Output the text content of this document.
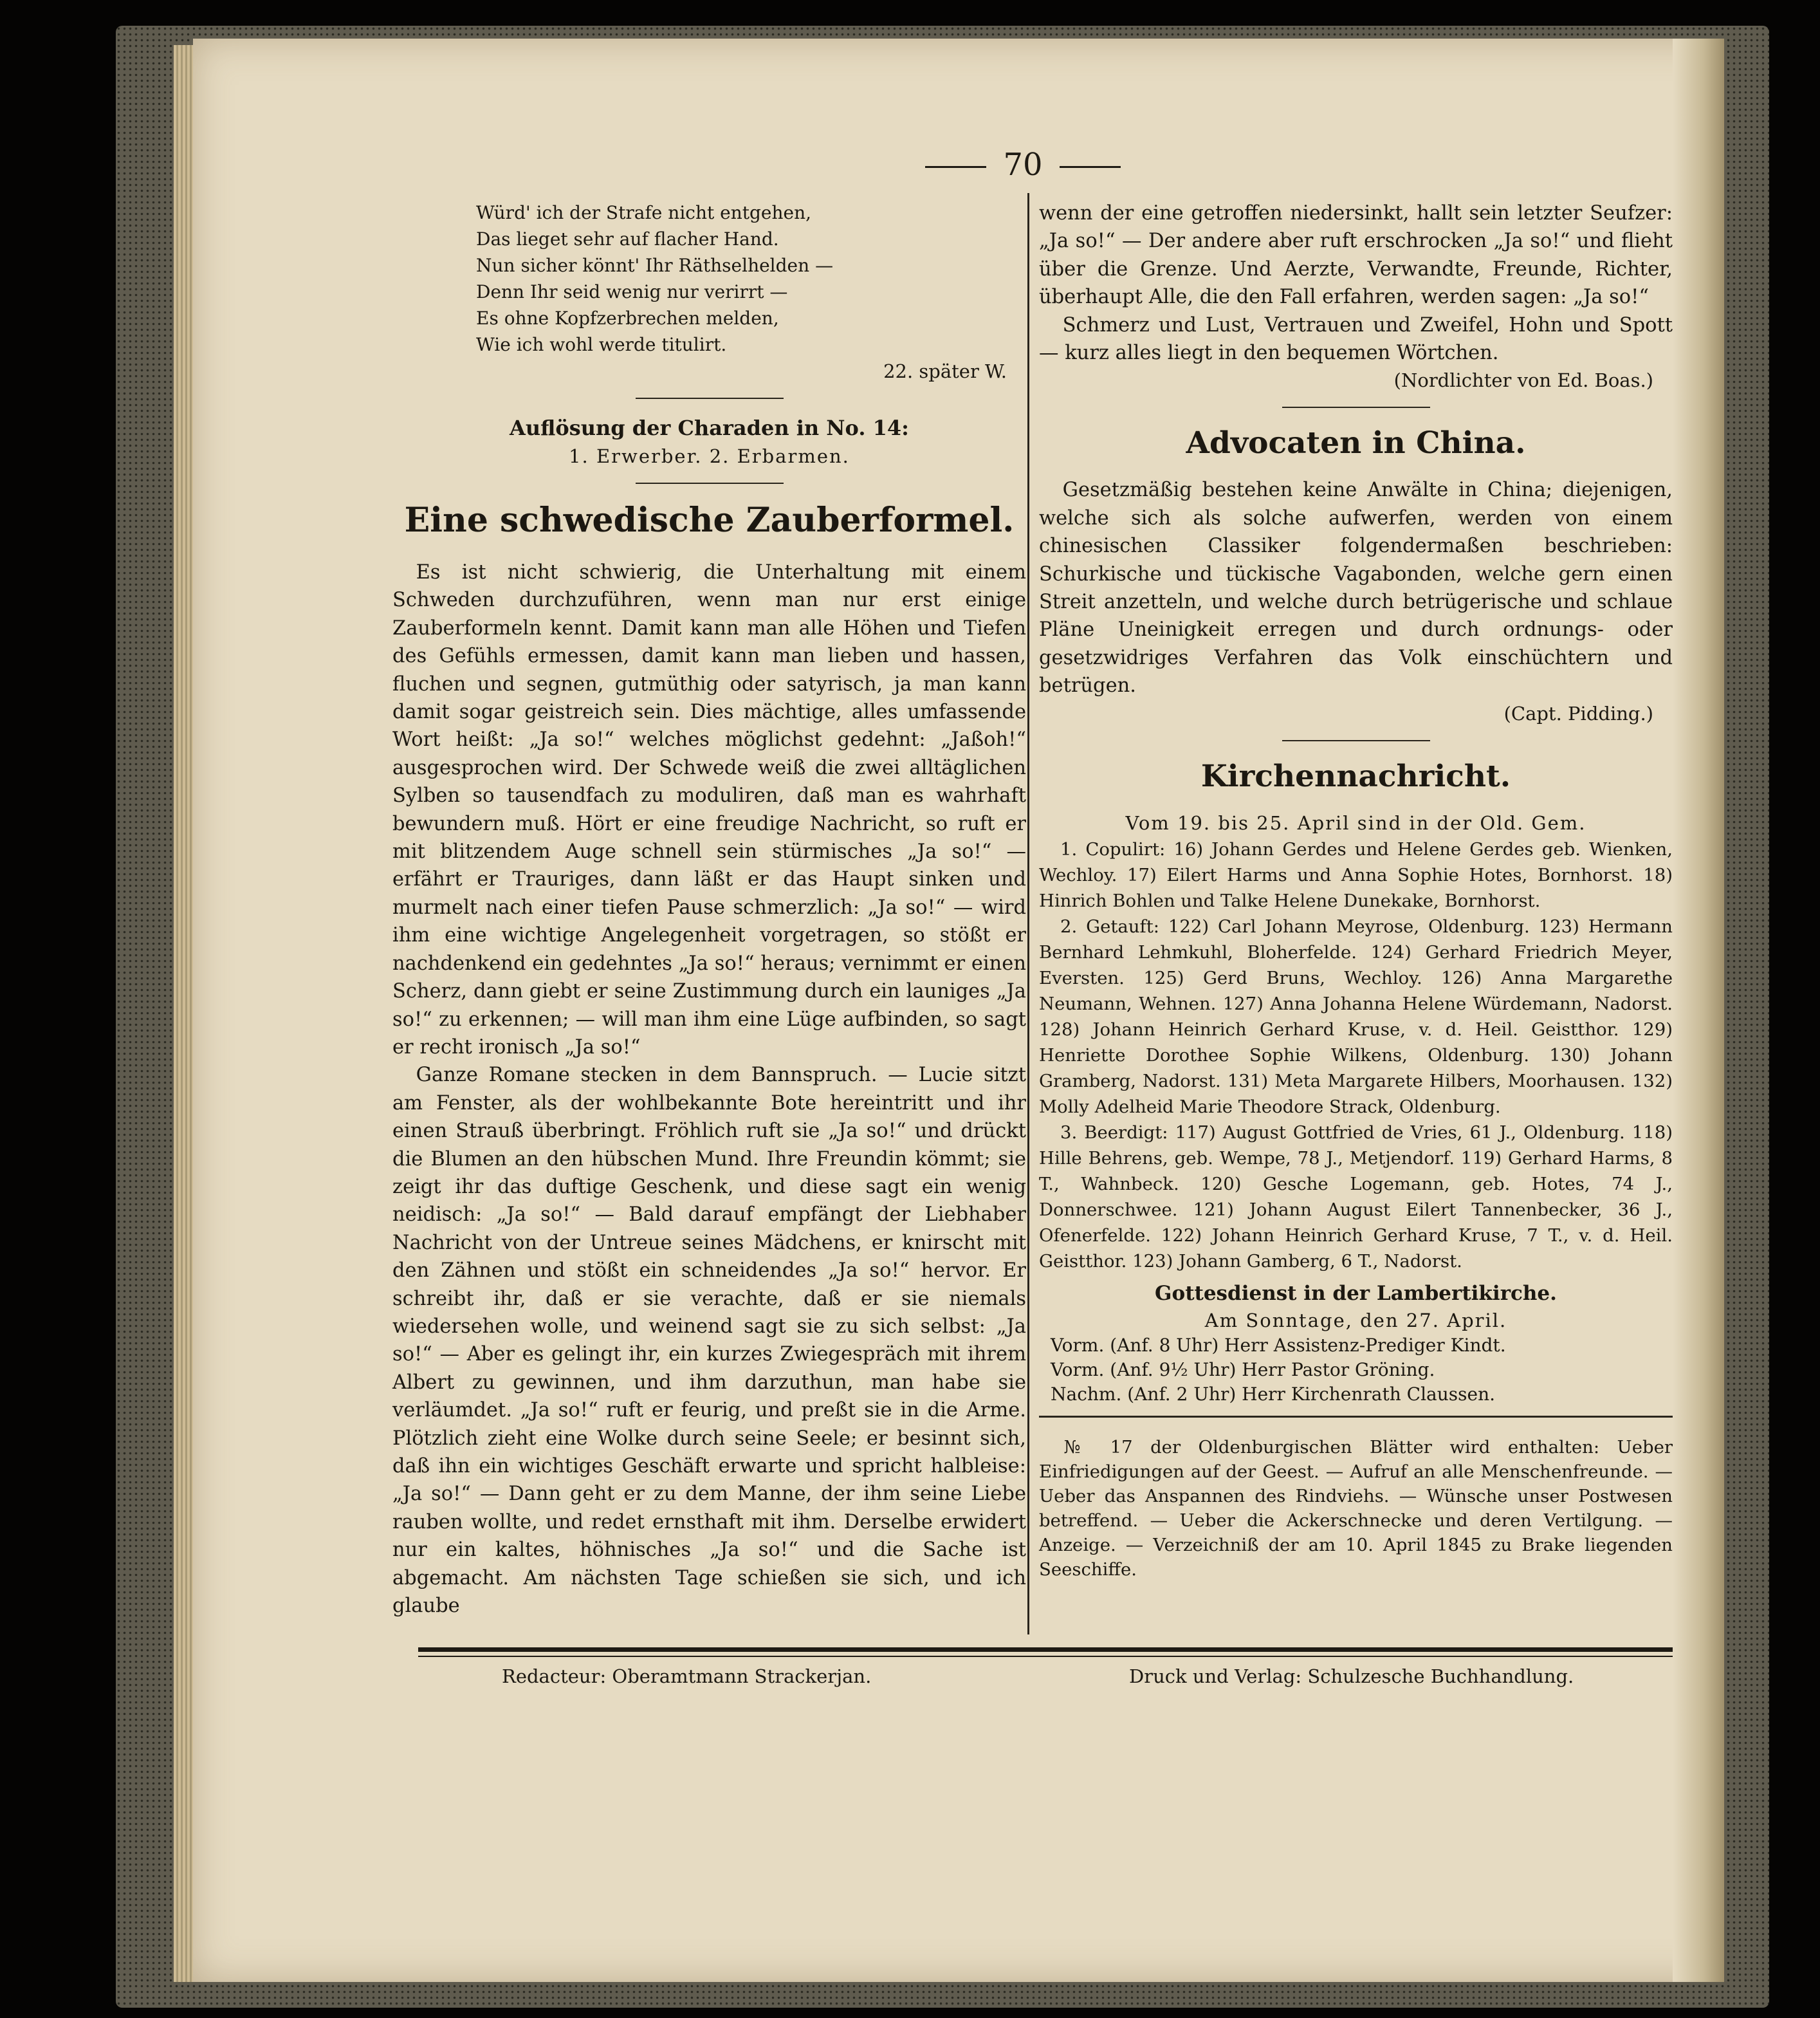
70
Würd' ich der Strafe nicht entgehen,
Das lieget sehr auf flacher Hand.
Nun sicher könnt' Ihr Räthselhelden —
Denn Ihr seid wenig nur verirrt —
Es ohne Kopfzerbrechen melden,
Wie ich wohl werde titulirt.
22. später W.
Auflösung der Charaden in No. 14:
1. Erwerber. 2. Erbarmen.
Eine schwedische Zauberformel.

Es ist nicht schwierig, die Unterhaltung mit einem Schweden durchzuführen, wenn man nur erst einige Zauberformeln kennt. Damit kann man alle Höhen und Tiefen des Gefühls ermessen, damit kann man lieben und hassen, fluchen und segnen, gutmüthig oder satyrisch, ja man kann damit sogar geistreich sein. Dies mächtige, alles umfassende Wort heißt: „Ja so!“ welches möglichst gedehnt: „Jaßoh!“ ausgesprochen wird. Der Schwede weiß die zwei alltäglichen Sylben so tausendfach zu moduliren, daß man es wahrhaft bewundern muß. Hört er eine freudige Nachricht, so ruft er mit blitzendem Auge schnell sein stürmisches „Ja so!“ — erfährt er Trauriges, dann läßt er das Haupt sinken und murmelt nach einer tiefen Pause schmerzlich: „Ja so!“ — wird ihm eine wichtige Angelegenheit vorgetragen, so stößt er nachdenkend ein gedehntes „Ja so!“ heraus; vernimmt er einen Scherz, dann giebt er seine Zustimmung durch ein launiges „Ja so!“ zu erkennen; — will man ihm eine Lüge aufbinden, so sagt er recht ironisch „Ja so!“

Ganze Romane stecken in dem Bannspruch. — Lucie sitzt am Fenster, als der wohlbekannte Bote hereintritt und ihr einen Strauß überbringt. Fröhlich ruft sie „Ja so!“ und drückt die Blumen an den hübschen Mund. Ihre Freundin kömmt; sie zeigt ihr das duftige Geschenk, und diese sagt ein wenig neidisch: „Ja so!“ — Bald darauf empfängt der Liebhaber Nachricht von der Untreue seines Mädchens, er knirscht mit den Zähnen und stößt ein schneidendes „Ja so!“ hervor. Er schreibt ihr, daß er sie verachte, daß er sie niemals wiedersehen wolle, und weinend sagt sie zu sich selbst: „Ja so!“ — Aber es gelingt ihr, ein kurzes Zwiegespräch mit ihrem Albert zu gewinnen, und ihm darzuthun, man habe sie verläumdet. „Ja so!“ ruft er feurig, und preßt sie in die Arme. Plötzlich zieht eine Wolke durch seine Seele; er besinnt sich, daß ihn ein wichtiges Geschäft erwarte und spricht halbleise: „Ja so!“ — Dann geht er zu dem Manne, der ihm seine Liebe rauben wollte, und redet ernsthaft mit ihm. Derselbe erwidert nur ein kaltes, höhnisches „Ja so!“ und die Sache ist abgemacht. Am nächsten Tage schießen sie sich, und ich glaube

wenn der eine getroffen niedersinkt, hallt sein letzter Seufzer: „Ja so!“ — Der andere aber ruft erschrocken „Ja so!“ und flieht über die Grenze. Und Aerzte, Verwandte, Freunde, Richter, überhaupt Alle, die den Fall erfahren, werden sagen: „Ja so!“

Schmerz und Lust, Vertrauen und Zweifel, Hohn und Spott — kurz alles liegt in den bequemen Wörtchen.

(Nordlichter von Ed. Boas.)
Advocaten in China.

Gesetzmäßig bestehen keine Anwälte in China; diejenigen, welche sich als solche aufwerfen, werden von einem chinesischen Classiker folgendermaßen beschrieben: Schurkische und tückische Vagabonden, welche gern einen Streit anzetteln, und welche durch betrügerische und schlaue Pläne Uneinigkeit erregen und durch ordnungs- oder gesetzwidriges Verfahren das Volk einschüchtern und betrügen.

(Capt. Pidding.)
Kirchennachricht.
Vom 19. bis 25. April sind in der Old. Gem.

1. Copulirt: 16) Johann Gerdes und Helene Gerdes geb. Wienken, Wechloy. 17) Eilert Harms und Anna Sophie Hotes, Bornhorst. 18) Hinrich Bohlen und Talke Helene Dunekake, Bornhorst.

2. Getauft: 122) Carl Johann Meyrose, Oldenburg. 123) Hermann Bernhard Lehmkuhl, Bloherfelde. 124) Gerhard Friedrich Meyer, Eversten. 125) Gerd Bruns, Wechloy. 126) Anna Margarethe Neumann, Wehnen. 127) Anna Johanna Helene Würdemann, Nadorst. 128) Johann Heinrich Gerhard Kruse, v. d. Heil. Geistthor. 129) Henriette Dorothee Sophie Wilkens, Oldenburg. 130) Johann Gramberg, Nadorst. 131) Meta Margarete Hilbers, Moorhausen. 132) Molly Adelheid Marie Theodore Strack, Oldenburg.

3. Beerdigt: 117) August Gottfried de Vries, 61 J., Oldenburg. 118) Hille Behrens, geb. Wempe, 78 J., Metjendorf. 119) Gerhard Harms, 8 T., Wahnbeck. 120) Gesche Logemann, geb. Hotes, 74 J., Donnerschwee. 121) Johann August Eilert Tannenbecker, 36 J., Ofenerfelde. 122) Johann Heinrich Gerhard Kruse, 7 T., v. d. Heil. Geistthor. 123) Johann Gamberg, 6 T., Nadorst.

Gottesdienst in der Lambertikirche.
Am Sonntage, den 27. April.
Vorm. (Anf. 8 Uhr) Herr Assistenz-Prediger Kindt.
Vorm. (Anf. 9½ Uhr) Herr Pastor Gröning.
Nachm. (Anf. 2 Uhr) Herr Kirchenrath Claussen.

№ 17 der Oldenburgischen Blätter wird enthalten: Ueber Einfriedigungen auf der Geest. — Aufruf an alle Menschenfreunde. — Ueber das Anspannen des Rindviehs. — Wünsche unser Postwesen betreffend. — Ueber die Ackerschnecke und deren Vertilgung. — Anzeige. — Verzeichniß der am 10. April 1845 zu Brake liegenden Seeschiffe.

Redacteur: Oberamtmann Strackerjan.	Druck und Verlag: Schulzesche Buchhandlung.
